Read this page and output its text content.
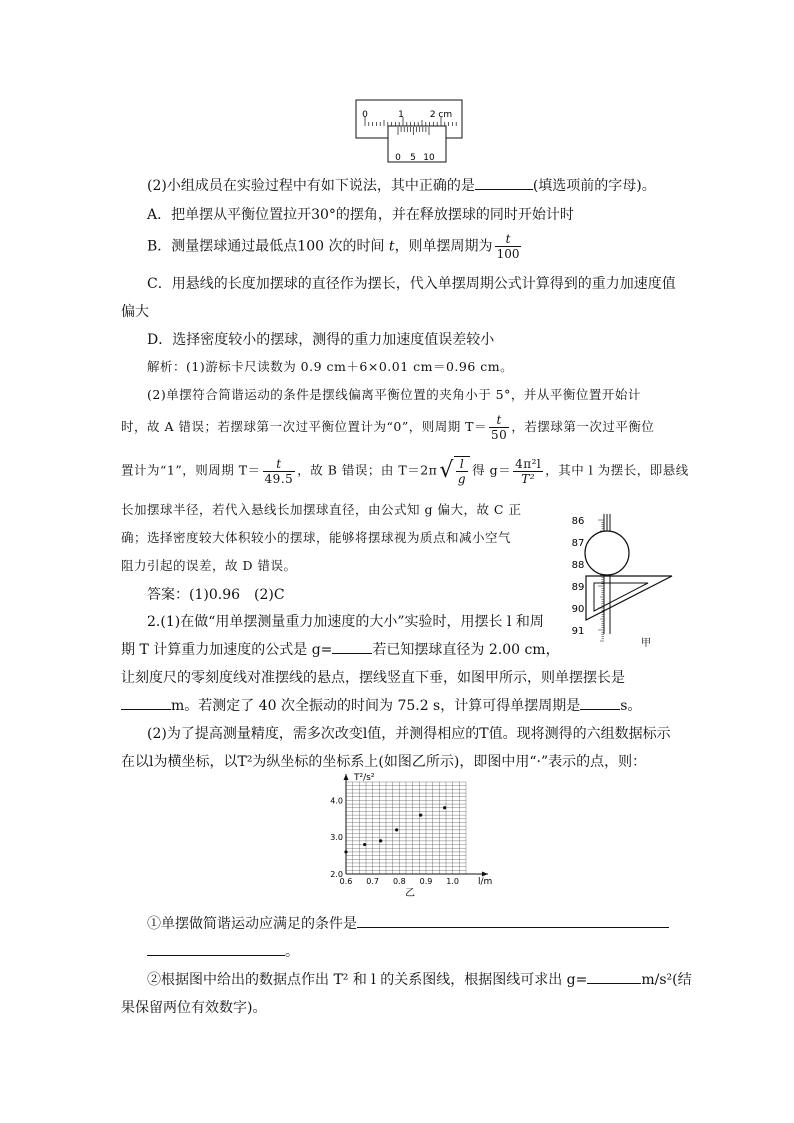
0	1	2 cm
0 5 10
(2)小组成员在实验过程中有如下说法，其中正确的是	(填选项前的字母)。
A．把单摆从平衡位置拉开30°的摆角，并在释放摆球的同时开始计时
B．测量摆球通过最低点100 次的时间 t，则单摆周期为 $\frac{t}{100}$
C．用悬线的长度加摆球的直径作为摆长，代入单摆周期公式计算得到的重力加速度值
偏大
D．选择密度较小的摆球，测得的重力加速度值误差较小
解析：(1)游标卡尺读数为 0.9 cm＋6×0.01 cm＝0.96 cm。
(2)单摆符合简谐运动的条件是摆线偏离平衡位置的夹角小于 5°，并从平衡位置开始计
时，故 A 错误；若摆球第一次过平衡位置计为“0”，则周期 $T= \frac{t}{50}$ ，若摆球第一次过平衡位
置计为“1”，则周期 $T= \frac{t}{49.5}$ ，故 B 错误；由 $T=2\pi√ \frac{l}{g}$ 得 $g= \frac{\text{4π²l}}{\text{T²}}$ ，其中 l 为摆长，即悬线
长加摆球半径，若代入悬线长加摆球直径，由公式知 g 偏大，故 C 正
确；选择密度较大体积较小的摆球，能够将摆球视为质点和减小空气
阻力引起的误差，故 D 错误。
答案：(1)0.96　(2)C
86
87
88
89
90
91
甲
2.(1)在做“用单摆测量重力加速度的大小”实验时，用摆长 l 和周
期 T 计算重力加速度的公式是 g=	若已知摆球直径为 2.00 cm，
让刻度尺的零刻度线对准摆线的悬点，摆线竖直下垂，如图甲所示，则单摆摆长是
m。若测定了 40 次全振动的时间为 75.2 s，计算可得单摆周期是	s。
(2)为了提高测量精度，需多次改变l值，并测得相应的T值。现将测得的六组数据标示
在以l为横坐标，以T²为纵坐标的坐标系上(如图乙所示)，即图中用“·”表示的点，则：
0.6 0.7 0.8 0.9 1.0
2.0
3.0
4.0
T²/s²
l/m
乙
①单摆做简谐运动应满足的条件是
。
②根据图中给出的数据点作出 T² 和 l 的关系图线，根据图线可求出 g=	m/s²(结
果保留两位有效数字)。
